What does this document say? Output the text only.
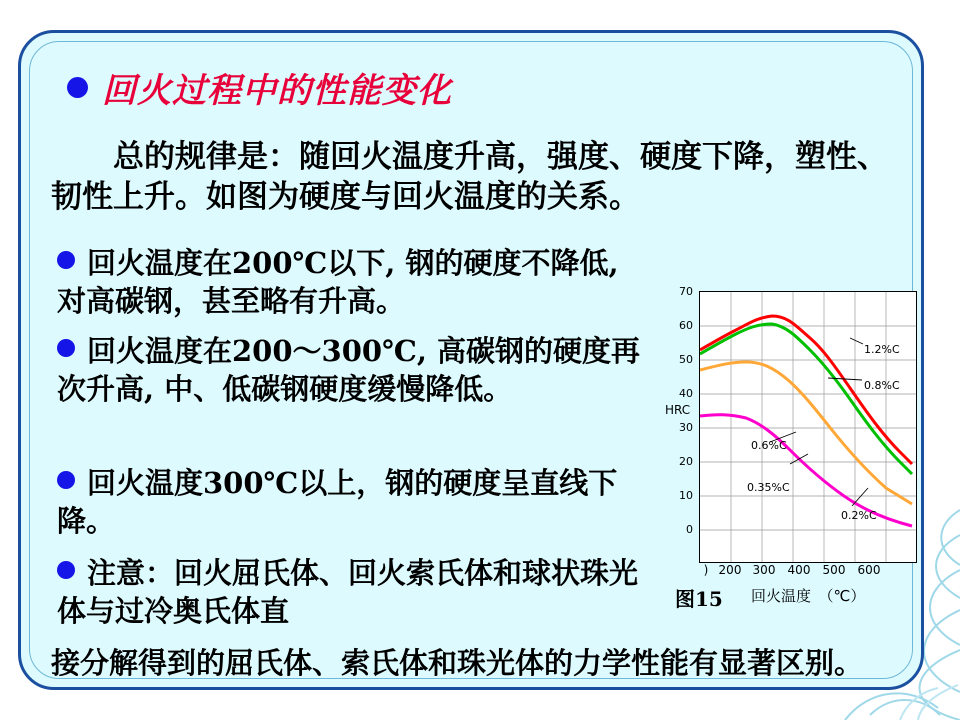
回火过程中的性能变化
总的规律是：随回火温度升高，强度、硬度下降，塑性、韧性上升。如图为硬度与回火温度的关系。
回火温度在200℃以下, 钢的硬度不降低, 对高碳钢，甚至略有升高。
回火温度在200～300℃, 高碳钢的硬度再次升高, 中、低碳钢硬度缓慢降低。
回火温度300℃以上，钢的硬度呈直线下降。
注意：回火屈氏体、回火索氏体和球状珠光体与过冷奥氏体直
接分解得到的屈氏体、索氏体和珠光体的力学性能有显著区别。
HRC
70
60
50
40
30
20
10
0
1.2%C
0.8%C
0.6%C
0.35%C
0.2%C
) 200 300	400	500	600
图15 回火温度　（℃）
